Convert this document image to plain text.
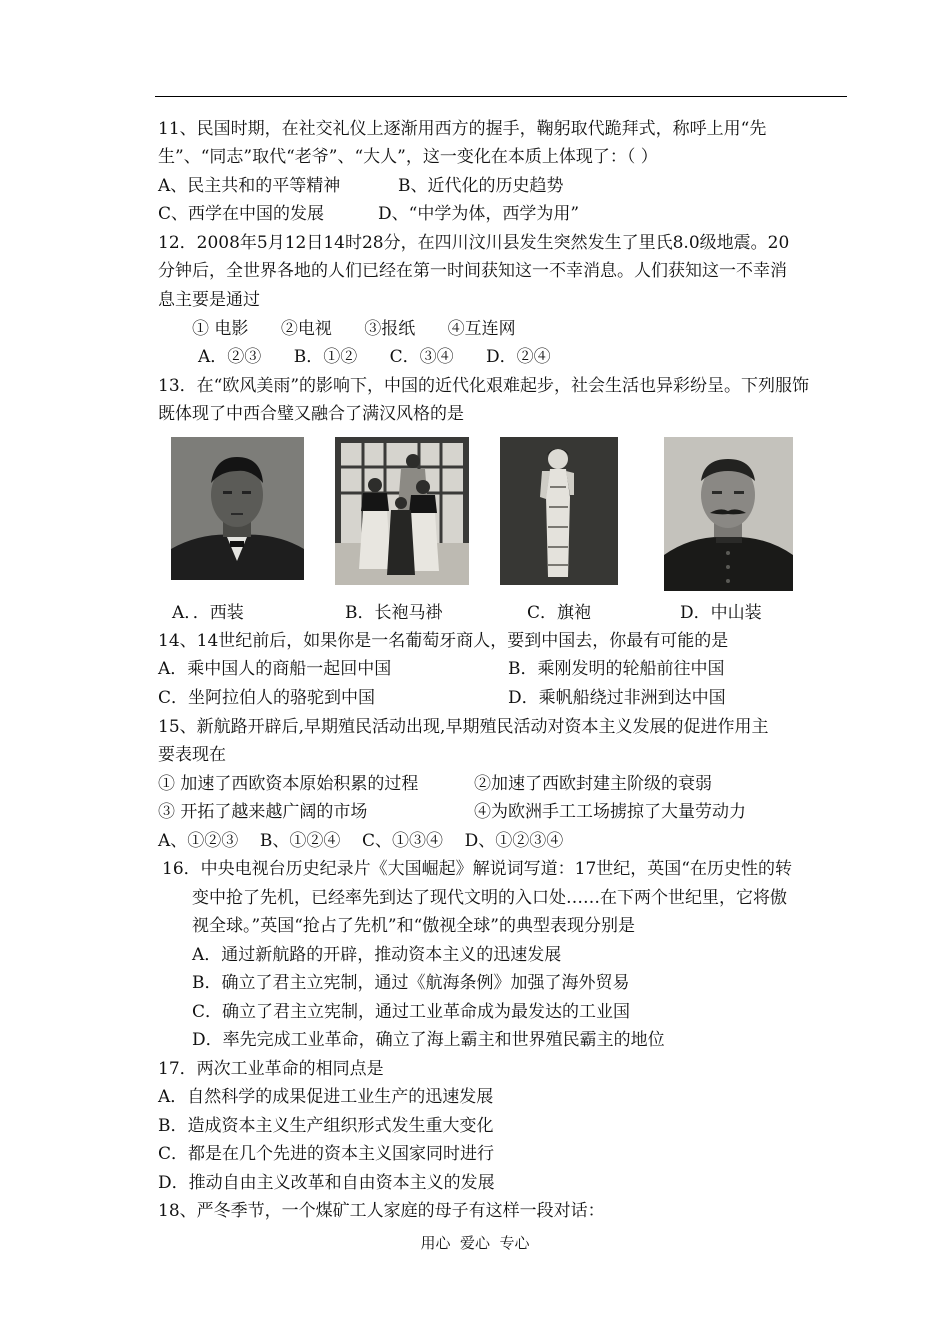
11、民国时期，在社交礼仪上逐渐用西方的握手，鞠躬取代跪拜式，称呼上用“先
生”、“同志”取代“老爷”、“大人”，这一变化在本质上体现了：（ ）
A、民主共和的平等精神	B、近代化的历史趋势
C、西学在中国的发展	D、“中学为体，西学为用”
12．2008年5月12日14时28分，在四川汶川县发生突然发生了里氏8.0级地震。20
分钟后，全世界各地的人们已经在第一时间获知这一不幸消息。人们获知这一不幸消
息主要是通过
① 电影      ②电视      ③报纸      ④互连网
A．②③      B．①②      C．③④      D．②④
13．在“欧风美雨”的影响下，中国的近代化艰难起步，社会生活也异彩纷呈。下列服饰
既体现了中西合璧又融合了满汉风格的是
A．．西装	B．长袍马褂	C．旗袍	D．中山装
14、14世纪前后，如果你是一名葡萄牙商人，要到中国去，你最有可能的是
A．乘中国人的商船一起回中国	B．乘刚发明的轮船前往中国
C．坐阿拉伯人的骆驼到中国	D．乘帆船绕过非洲到达中国
15、新航路开辟后,早期殖民活动出现,早期殖民活动对资本主义发展的促进作用主
要表现在
① 加速了西欧资本原始积累的过程	②加速了西欧封建主阶级的衰弱
③ 开拓了越来越广阔的市场	④为欧洲手工工场掳掠了大量劳动力
A、①②③    B、①②④    C、①③④    D、①②③④
16．中央电视台历史纪录片《大国崛起》解说词写道：17世纪，英国“在历史性的转
变中抢了先机，已经率先到达了现代文明的入口处……在下两个世纪里，它将傲
视全球。”英国“抢占了先机”和“傲视全球”的典型表现分别是
A．通过新航路的开辟，推动资本主义的迅速发展
B．确立了君主立宪制，通过《航海条例》加强了海外贸易
C．确立了君主立宪制，通过工业革命成为最发达的工业国
D．率先完成工业革命，确立了海上霸主和世界殖民霸主的地位
17．两次工业革命的相同点是
A．自然科学的成果促进工业生产的迅速发展
B．造成资本主义生产组织形式发生重大变化
C．都是在几个先进的资本主义国家同时进行
D．推动自由主义改革和自由资本主义的发展
18、严冬季节，一个煤矿工人家庭的母子有这样一段对话：
用心  爱心  专心
